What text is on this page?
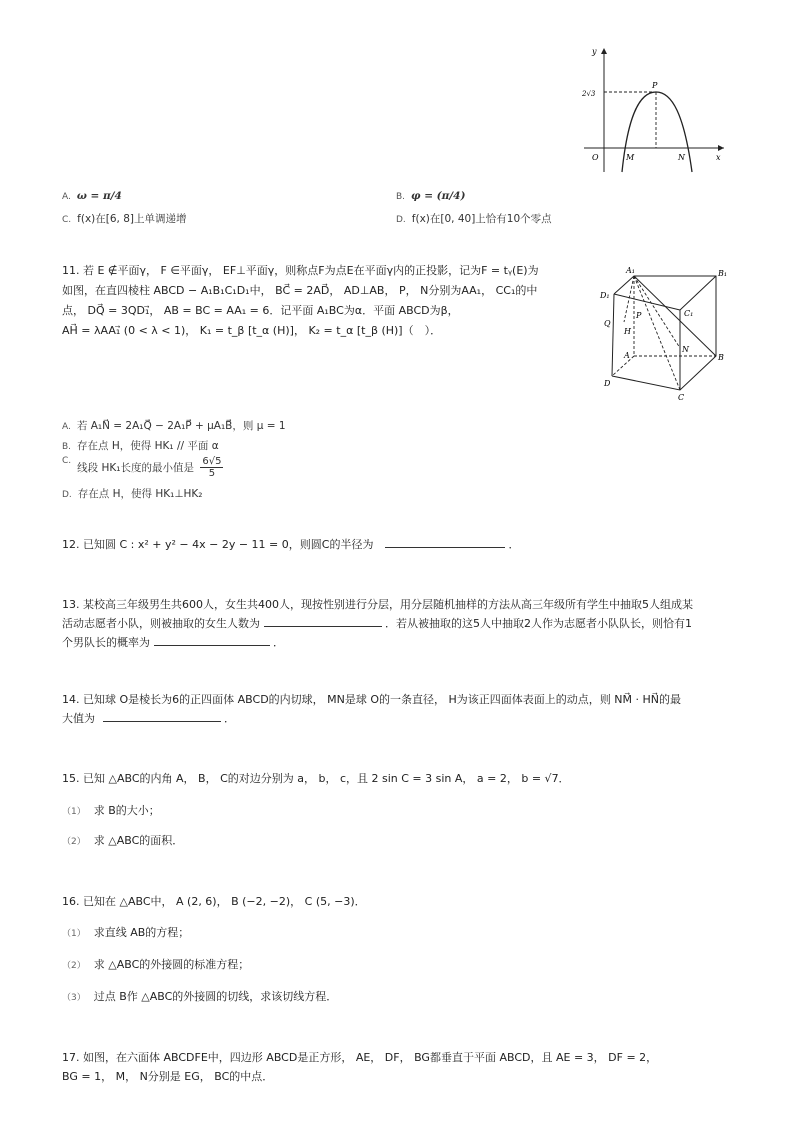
y
x
O
P
M	N
2√3
A. ω = π/4	B. φ = (π/4)
C. f(x)在[6, 8]上单调递增	D. f(x)在[0, 40]上恰有10个零点
11. 若 E ∉平面γ， F ∈平面γ， EF⊥平面γ，则称点F为点E在平面γ内的正投影，记为F = tᵧ(E)为
如图，在直四棱柱 ABCD − A₁B₁C₁D₁中， BC⃗ = 2AD⃗， AD⊥AB， P， N分别为AA₁， CC₁的中
点， DQ⃗ = 3QD₁⃗， AB = BC = AA₁ = 6．记平面 A₁BC为α．平面 ABCD为β，
AH⃗ = λAA₁⃗ (0 < λ < 1)， K₁ = t_β [t_α (H)]， K₂ = t_α [t_β (H)]（　）．
A₁	B₁
D₁
C₁
P
H
Q
A	B
N
D
C
A. 若 A₁N⃗ = 2A₁Q⃗ − 2A₁P⃗ + μA₁B⃗，则 μ = 1
B. 存在点 H，使得 HK₁ // 平面 α
C.线段 HK₁长度的最小值是 $\frac{6√5}{5}$
D. 存在点 H，使得 HK₁⊥HK₂
12. 已知圆 C : x² + y² − 4x − 2y − 11 = 0，则圆C的半径为	．
13. 某校高三年级男生共600人，女生共400人，现按性别进行分层，用分层随机抽样的方法从高三年级所有学生中抽取5人组成某
活动志愿者小队，则被抽取的女生人数为	．若从被抽取的这5人中抽取2人作为志愿者小队队长，则恰有1
个男队长的概率为	．
14. 已知球 O是棱长为6的正四面体 ABCD的内切球， MN是球 O的一条直径， H为该正四面体表面上的动点，则 NM⃗ · HN⃗的最
大值为	．
15. 已知 △ABC的内角 A， B， C的对边分别为 a， b， c，且 2 sin C = 3 sin A， a = 2， b = √7．
（1） 求 B的大小；
（2） 求 △ABC的面积．
16. 已知在 △ABC中， A (2, 6)， B (−2, −2)， C (5, −3)．
（1） 求直线 AB的方程；
（2） 求 △ABC的外接圆的标准方程；
（3） 过点 B作 △ABC的外接圆的切线，求该切线方程．
17. 如图，在六面体 ABCDFE中，四边形 ABCD是正方形， AE， DF， BG都垂直于平面 ABCD，且 AE = 3， DF = 2，
BG = 1， M， N分别是 EG， BC的中点．
